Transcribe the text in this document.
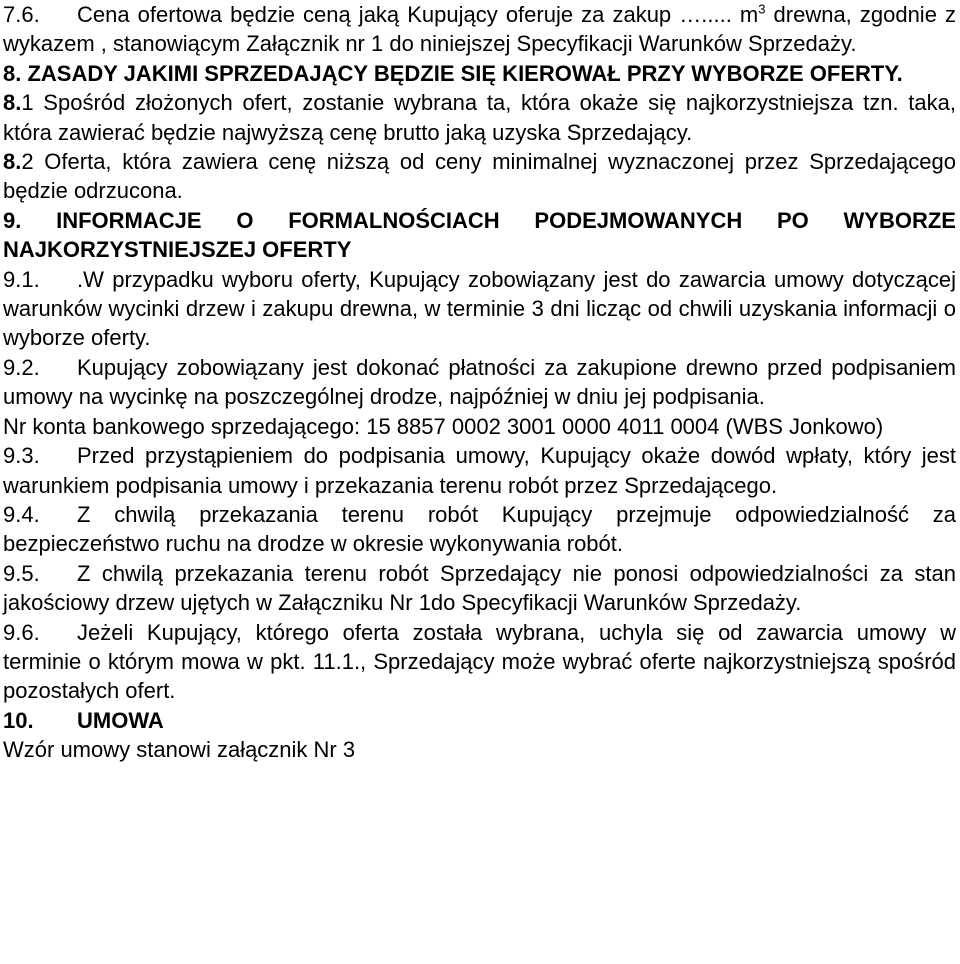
7.6. Cena ofertowa będzie ceną jaką Kupujący oferuje za zakup …..... $m^3$ drewna, zgodnie z wykazem , stanowiącym Załącznik nr 1 do niniejszej Specyfikacji Warunków Sprzedaży.

8. ZASADY JAKIMI SPRZEDAJĄCY BĘDZIE SIĘ KIEROWAŁ PRZY WYBORZE OFERTY.

8.1 Spośród złożonych ofert, zostanie wybrana ta, która okaże się najkorzystniejsza tzn. taka, która zawierać będzie najwyższą cenę brutto jaką uzyska Sprzedający.

8.2 Oferta, która zawiera cenę niższą od ceny minimalnej wyznaczonej przez Sprzedającego będzie odrzucona.

9. INFORMACJE O FORMALNOŚCIACH PODEJMOWANYCH PO WYBORZE NAJKORZYSTNIEJSZEJ OFERTY

9.1. .W przypadku wyboru oferty, Kupujący zobowiązany jest do zawarcia umowy dotyczącej warunków wycinki drzew i zakupu drewna, w terminie 3 dni licząc od chwili uzyskania informacji o wyborze oferty.

9.2. Kupujący zobowiązany jest dokonać płatności za zakupione drewno przed podpisaniem umowy na wycinkę na poszczególnej drodze, najpóźniej w dniu jej podpisania.

Nr konta bankowego sprzedającego: 15 8857 0002 3001 0000 4011 0004 (WBS Jonkowo)

9.3. Przed przystąpieniem do podpisania umowy, Kupujący okaże dowód wpłaty, który jest warunkiem podpisania umowy i przekazania terenu robót przez Sprzedającego.

9.4. Z chwilą przekazania terenu robót Kupujący przejmuje odpowiedzialność za bezpieczeństwo ruchu na drodze w okresie wykonywania robót.

9.5. Z chwilą przekazania terenu robót Sprzedający nie ponosi odpowiedzialności za stan jakościowy drzew ujętych w Załączniku Nr 1do Specyfikacji Warunków Sprzedaży.

9.6. Jeżeli Kupujący, którego oferta została wybrana, uchyla się od zawarcia umowy w terminie o którym mowa w pkt. 11.1., Sprzedający może wybrać oferte najkorzystniejszą spośród pozostałych ofert.

10. UMOWA

Wzór umowy stanowi załącznik Nr 3
